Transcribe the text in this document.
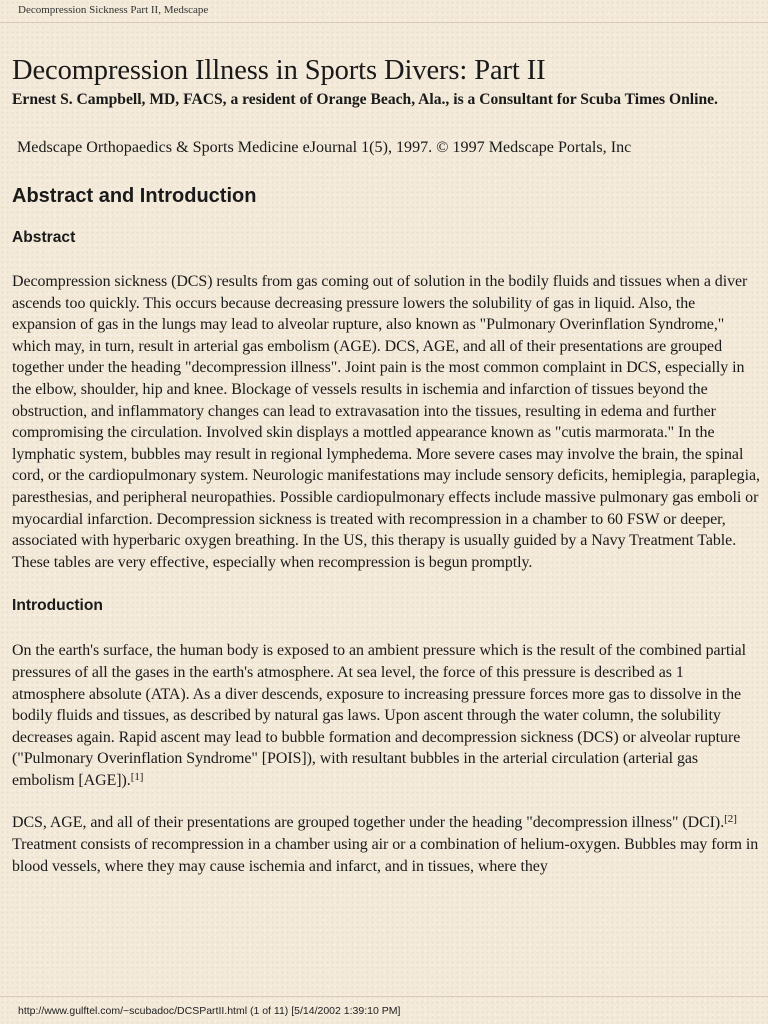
Decompression Sickness Part II, Medscape
Decompression Illness in Sports Divers: Part II

Ernest S. Campbell, MD, FACS, a resident of Orange Beach, Ala., is a Consultant for Scuba Times Online.

Medscape Orthopaedics & Sports Medicine eJournal 1(5), 1997. © 1997 Medscape Portals, Inc

Abstract and Introduction
Abstract

Decompression sickness (DCS) results from gas coming out of solution in the bodily fluids and tissues when a diver ascends too quickly. This occurs because decreasing pressure lowers the solubility of gas in liquid. Also, the expansion of gas in the lungs may lead to alveolar rupture, also known as "Pulmonary Overinflation Syndrome," which may, in turn, result in arterial gas embolism (AGE). DCS, AGE, and all of their presentations are grouped together under the heading "decompression illness". Joint pain is the most common complaint in DCS, especially in the elbow, shoulder, hip and knee. Blockage of vessels results in ischemia and infarction of tissues beyond the obstruction, and inflammatory changes can lead to extravasation into the tissues, resulting in edema and further compromising the circulation. Involved skin displays a mottled appearance known as "cutis marmorata." In the lymphatic system, bubbles may result in regional lymphedema. More severe cases may involve the brain, the spinal cord, or the cardiopulmonary system. Neurologic manifestations may include sensory deficits, hemiplegia, paraplegia, paresthesias, and peripheral neuropathies. Possible cardiopulmonary effects include massive pulmonary gas emboli or myocardial infarction. Decompression sickness is treated with recompression in a chamber to 60 FSW or deeper, associated with hyperbaric oxygen breathing. In the US, this therapy is usually guided by a Navy Treatment Table. These tables are very effective, especially when recompression is begun promptly.

Introduction

On the earth's surface, the human body is exposed to an ambient pressure which is the result of the combined partial pressures of all the gases in the earth's atmosphere. At sea level, the force of this pressure is described as 1 atmosphere absolute (ATA). As a diver descends, exposure to increasing pressure forces more gas to dissolve in the bodily fluids and tissues, as described by natural gas laws. Upon ascent through the water column, the solubility decreases again. Rapid ascent may lead to bubble formation and decompression sickness (DCS) or alveolar rupture ("Pulmonary Overinflation Syndrome" [POIS]), with resultant bubbles in the arterial circulation (arterial gas embolism [AGE]).[1]

DCS, AGE, and all of their presentations are grouped together under the heading "decompression illness" (DCI).[2] Treatment consists of recompression in a chamber using air or a combination of helium-oxygen. Bubbles may form in blood vessels, where they may cause ischemia and infarct, and in tissues, where they

http://www.gulftel.com/~scubadoc/DCSPartII.html (1 of 11) [5/14/2002 1:39:10 PM]
